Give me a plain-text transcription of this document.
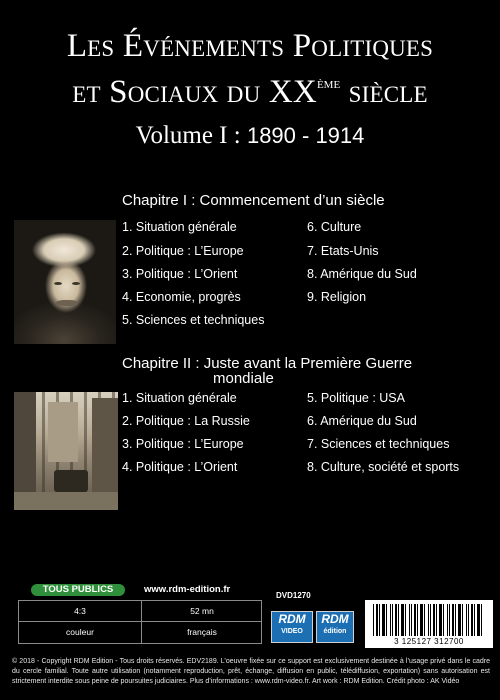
Les Événements Politiques
et Sociaux du XXème siècle
Volume I : 1890 - 1914
Chapitre I : Commencement d’un siècle
1. Situation générale
2. Politique : L’Europe
3. Politique : L’Orient
4. Economie, progrès
5. Sciences et techniques
6. Culture
7. Etats-Unis
8. Amérique du Sud
9. Religion
Chapitre II : Juste avant la Première Guerre
mondiale
1. Situation générale
2. Politique : La Russie
3. Politique : L’Europe
4. Politique : L’Orient
5. Politique : USA
6. Amérique du Sud
7. Sciences et techniques
8. Culture, société et sports
TOUS PUBLICS	www.rdm-edition.fr
DVD1270
4:3	52 mn
couleur	français
RDM
VIDEO
RDM
édition
3 125127 312700
© 2018 - Copyright RDM Edition - Tous droits réservés. EDV2189. L’oeuvre fixée sur ce support est exclusivement destinée à l’usage privé dans le cadre du cercle familial. Toute autre utilisation (notamment reproduction, prêt, échange, diffusion en public, télédiffusion, exportation) sans autorisation est strictement interdite sous peine de poursuites judiciaires. Plus d’informations : www.rdm-video.fr. Art work : RDM Edition. Crédit photo : AK Vidéo
